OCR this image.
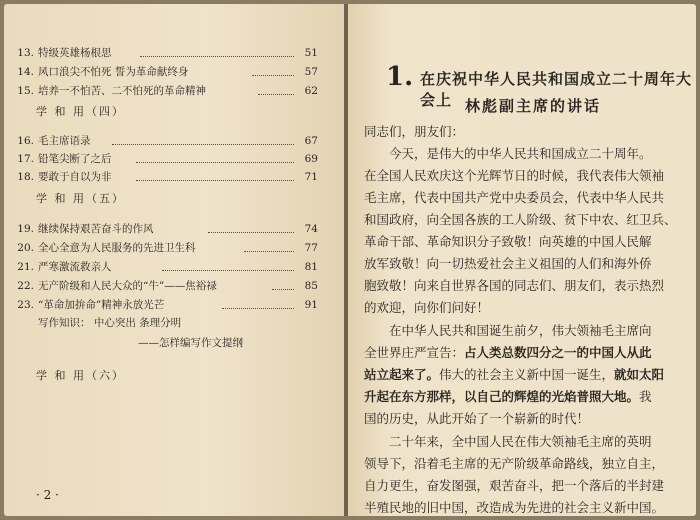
13. 特级英雄杨根思	51
14. 风口浪尖不怕死 誓为革命献终身	57
15. 培养一不怕苦、二不怕死的革命精神	62
学 和 用（四）
16. 毛主席语录	67
17. 铅笔尖断了之后	69
18. 要敢于自以为非	71
学 和 用（五）
19. 继续保持艰苦奋斗的作风	74
20. 全心全意为人民服务的先进卫生科	77
21. 严寒激流救亲人	81
22. 无产阶级和人民大众的“牛”——焦裕禄	85
23. “革命加拚命”精神永放光芒	91
写作知识： 中心突出 条理分明
——怎样编写作文提纲
学 和 用（六）
· 2 ·
1. 在庆祝中华人民共和国成立二十周年大会上 林彪副主席的讲话
同志们，朋友们：
今天，是伟大的中华人民共和国成立二十周年。
在全国人民欢庆这个光辉节日的时候，我代表伟大领袖
毛主席，代表中国共产党中央委员会，代表中华人民共
和国政府，向全国各族的工人阶级、贫下中农、红卫兵、
革命干部、革命知识分子致敬！向英雄的中国人民解
放军致敬！向一切热爱社会主义祖国的人们和海外侨
胞致敬！向来自世界各国的同志们、朋友们，表示热烈
的欢迎，向你们问好！
在中华人民共和国诞生前夕，伟大领袖毛主席向
全世界庄严宣告：占人类总数四分之一的中国人从此
站立起来了。伟大的社会主义新中国一诞生，就如太阳
升起在东方那样，以自己的辉煌的光焰普照大地。我
国的历史，从此开始了一个崭新的时代！
二十年来，全中国人民在伟大领袖毛主席的英明
领导下，沿着毛主席的无产阶级革命路线，独立自主，
自力更生，奋发图强，艰苦奋斗，把一个落后的半封建
半殖民地的旧中国，改造成为先进的社会主义新中国。
